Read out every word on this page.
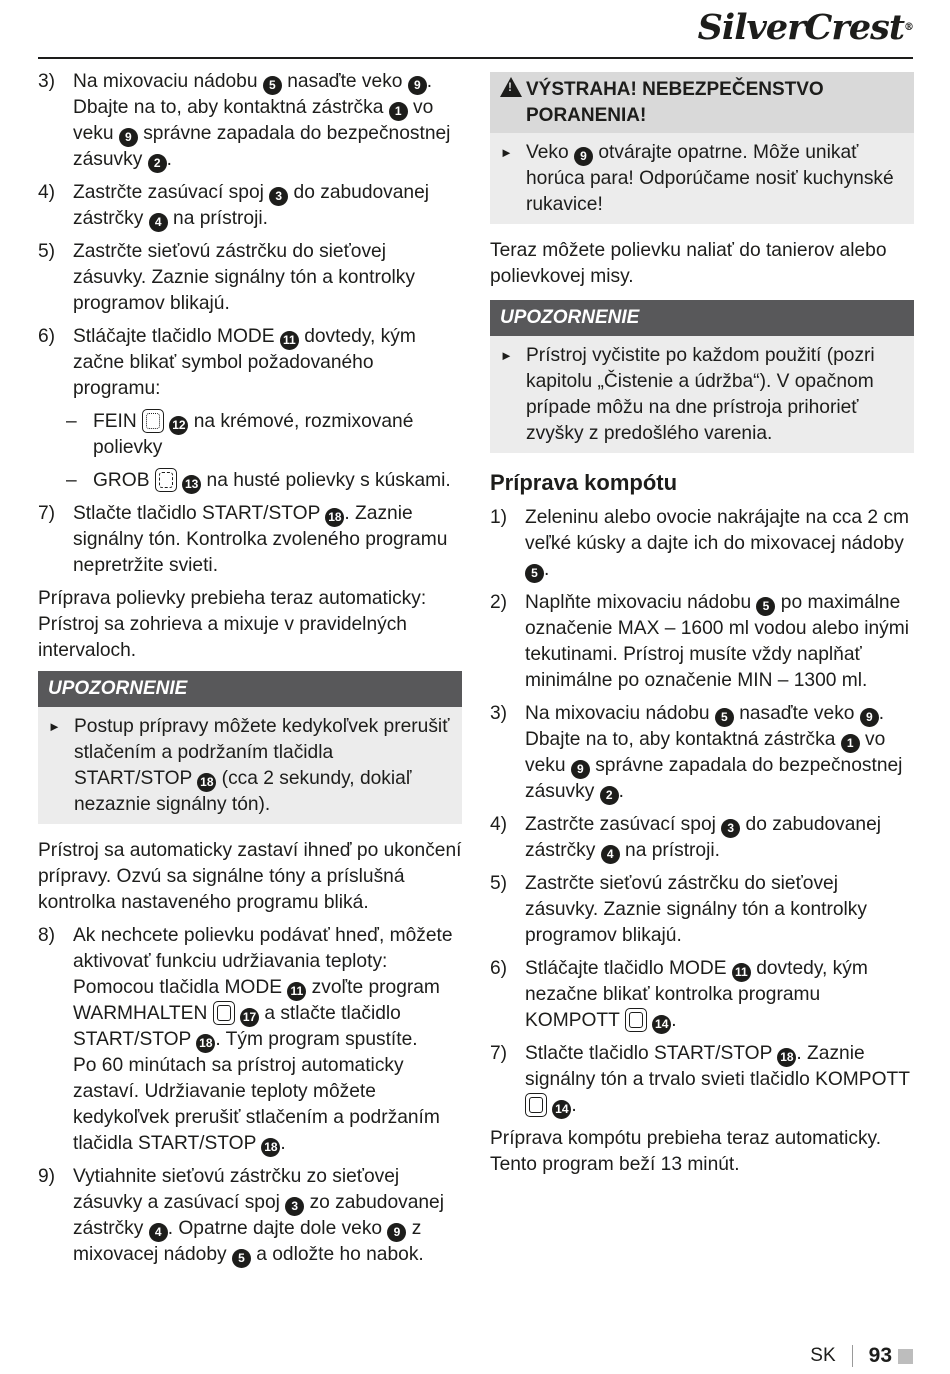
SilverCrest®
3) Na mixovaciu nádobu 5 nasaďte veko 9 . Dbajte na to, aby kontaktná zástrčka 1 vo veku 9 správne zapadala do bezpečnostnej zásuvky 2 .
4) Zastrčte zasúvací spoj 3 do zabudovanej zástrčky 4 na prístroji.
5) Zastrčte sieťovú zástrčku do sieťovej zásuvky. Zaznie signálny tón a kontrolky programov blikajú.
6) Stláčajte tlačidlo MODE 11 dovtedy, kým začne blikať symbol požadovaného programu:
– FEIN	12 na krémové, rozmixované polievky
– GROB	13 na husté polievky s kúskami.
7) Stlačte tlačidlo START/STOP 18 . Zaznie signálny tón. Kontrolka zvoleného programu nepretržite svieti.

Príprava polievky prebieha teraz automaticky: Prístroj sa zohrieva a mixuje v pravidelných intervaloch.

UPOZORNENIE
► Postup prípravy môžete kedykoľvek prerušiť stlačením a podržaním tlačidla START/STOP 18 (cca 2 sekundy, dokiaľ nezaznie signálny tón).

Prístroj sa automaticky zastaví ihneď po ukončení prípravy. Ozvú sa signálne tóny a príslušná kontrolka nastaveného programu bliká.

8) Ak nechcete polievku podávať hneď, môžete aktivovať funkciu udržiavania teploty: Pomocou tlačidla MODE 11 zvoľte program WARMHALTEN	17 a stlačte tlačidlo START/STOP 18 . Tým program spustíte.
Po 60 minútach sa prístroj automaticky zastaví. Udržiavanie teploty môžete kedykoľvek prerušiť stlačením a podržaním tlačidla START/STOP 18 .
9) Vytiahnite sieťovú zástrčku zo sieťovej zásuvky a zasúvací spoj 3 zo zabudovanej zástrčky 4 . Opatrne dajte dole veko 9 z mixovacej nádoby 5 a odložte ho nabok.
!VÝSTRAHA! NEBEZPEČENSTVO PORANENIA!
► Veko 9 otvárajte opatrne. Môže unikať horúca para! Odporúčame nosiť kuchynské rukavice!

Teraz môžete polievku naliať do tanierov alebo polievkovej misy.

UPOZORNENIE
► Prístroj vyčistite po každom použití (pozri kapitolu „Čistenie a údržba“). V opačnom prípade môžu na dne prístroja prihorieť zvyšky z predošlého varenia.
Príprava kompótu
1) Zeleninu alebo ovocie nakrájajte na cca 2 cm veľké kúsky a dajte ich do mixovacej nádoby 5 .
2) Naplňte mixovaciu nádobu 5 po maximálne označenie MAX – 1600 ml vodou alebo inými tekutinami. Prístroj musíte vždy naplňať minimálne po označenie MIN – 1300 ml.
3) Na mixovaciu nádobu 5 nasaďte veko 9 . Dbajte na to, aby kontaktná zástrčka 1 vo veku 9 správne zapadala do bezpečnostnej zásuvky 2 .
4) Zastrčte zasúvací spoj 3 do zabudovanej zástrčky 4 na prístroji.
5) Zastrčte sieťovú zástrčku do sieťovej zásuvky. Zaznie signálny tón a kontrolky programov blikajú.
6) Stláčajte tlačidlo MODE 11 dovtedy, kým nezačne blikať kontrolka programu KOMPOTT	14 .
7) Stlačte tlačidlo START/STOP 18 . Zaznie signálny tón a trvalo svieti tlačidlo KOMPOTT  14 .

Príprava kompótu prebieha teraz automaticky. Tento program beží 13 minút.

SK 93
